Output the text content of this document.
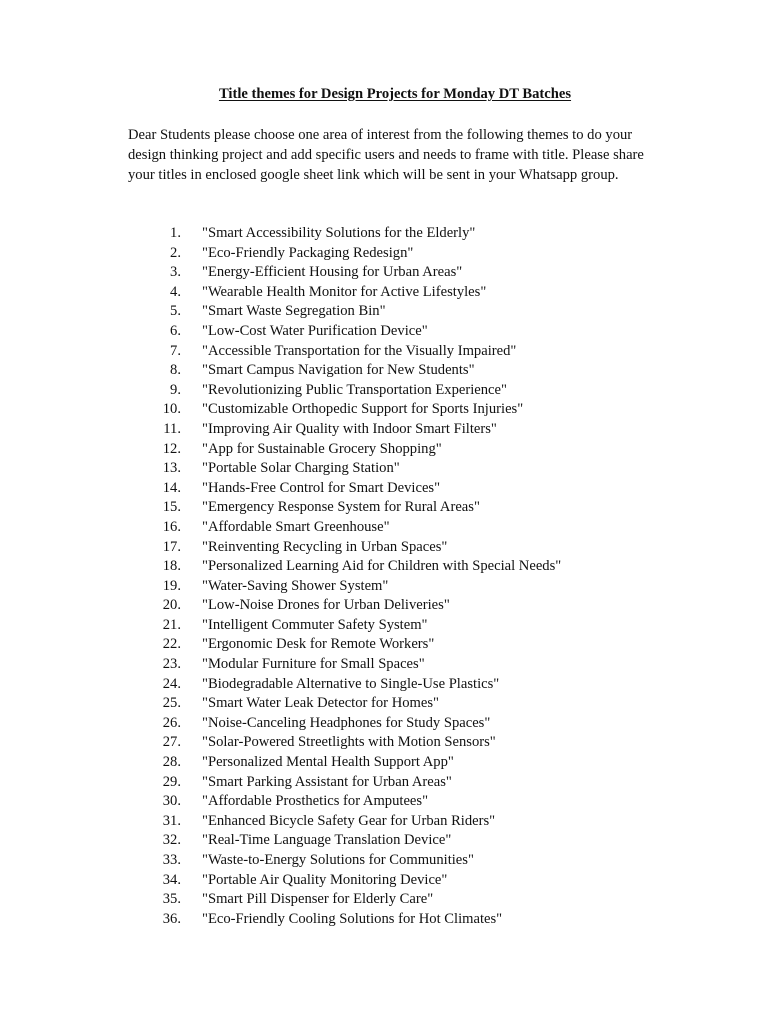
Title themes for Design Projects for Monday DT Batches

Dear Students please choose one area of interest from the following themes to do your design thinking project and add specific users and needs to frame with title. Please share your titles in enclosed google sheet link which will be sent in your Whatsapp group.

1. "Smart Accessibility Solutions for the Elderly"
2. "Eco-Friendly Packaging Redesign"
3. "Energy-Efficient Housing for Urban Areas"
4. "Wearable Health Monitor for Active Lifestyles"
5. "Smart Waste Segregation Bin"
6. "Low-Cost Water Purification Device"
7. "Accessible Transportation for the Visually Impaired"
8. "Smart Campus Navigation for New Students"
9. "Revolutionizing Public Transportation Experience"
10. "Customizable Orthopedic Support for Sports Injuries"
11. "Improving Air Quality with Indoor Smart Filters"
12. "App for Sustainable Grocery Shopping"
13. "Portable Solar Charging Station"
14. "Hands-Free Control for Smart Devices"
15. "Emergency Response System for Rural Areas"
16. "Affordable Smart Greenhouse"
17. "Reinventing Recycling in Urban Spaces"
18. "Personalized Learning Aid for Children with Special Needs"
19. "Water-Saving Shower System"
20. "Low-Noise Drones for Urban Deliveries"
21. "Intelligent Commuter Safety System"
22. "Ergonomic Desk for Remote Workers"
23. "Modular Furniture for Small Spaces"
24. "Biodegradable Alternative to Single-Use Plastics"
25. "Smart Water Leak Detector for Homes"
26. "Noise-Canceling Headphones for Study Spaces"
27. "Solar-Powered Streetlights with Motion Sensors"
28. "Personalized Mental Health Support App"
29. "Smart Parking Assistant for Urban Areas"
30. "Affordable Prosthetics for Amputees"
31. "Enhanced Bicycle Safety Gear for Urban Riders"
32. "Real-Time Language Translation Device"
33. "Waste-to-Energy Solutions for Communities"
34. "Portable Air Quality Monitoring Device"
35. "Smart Pill Dispenser for Elderly Care"
36. "Eco-Friendly Cooling Solutions for Hot Climates"
